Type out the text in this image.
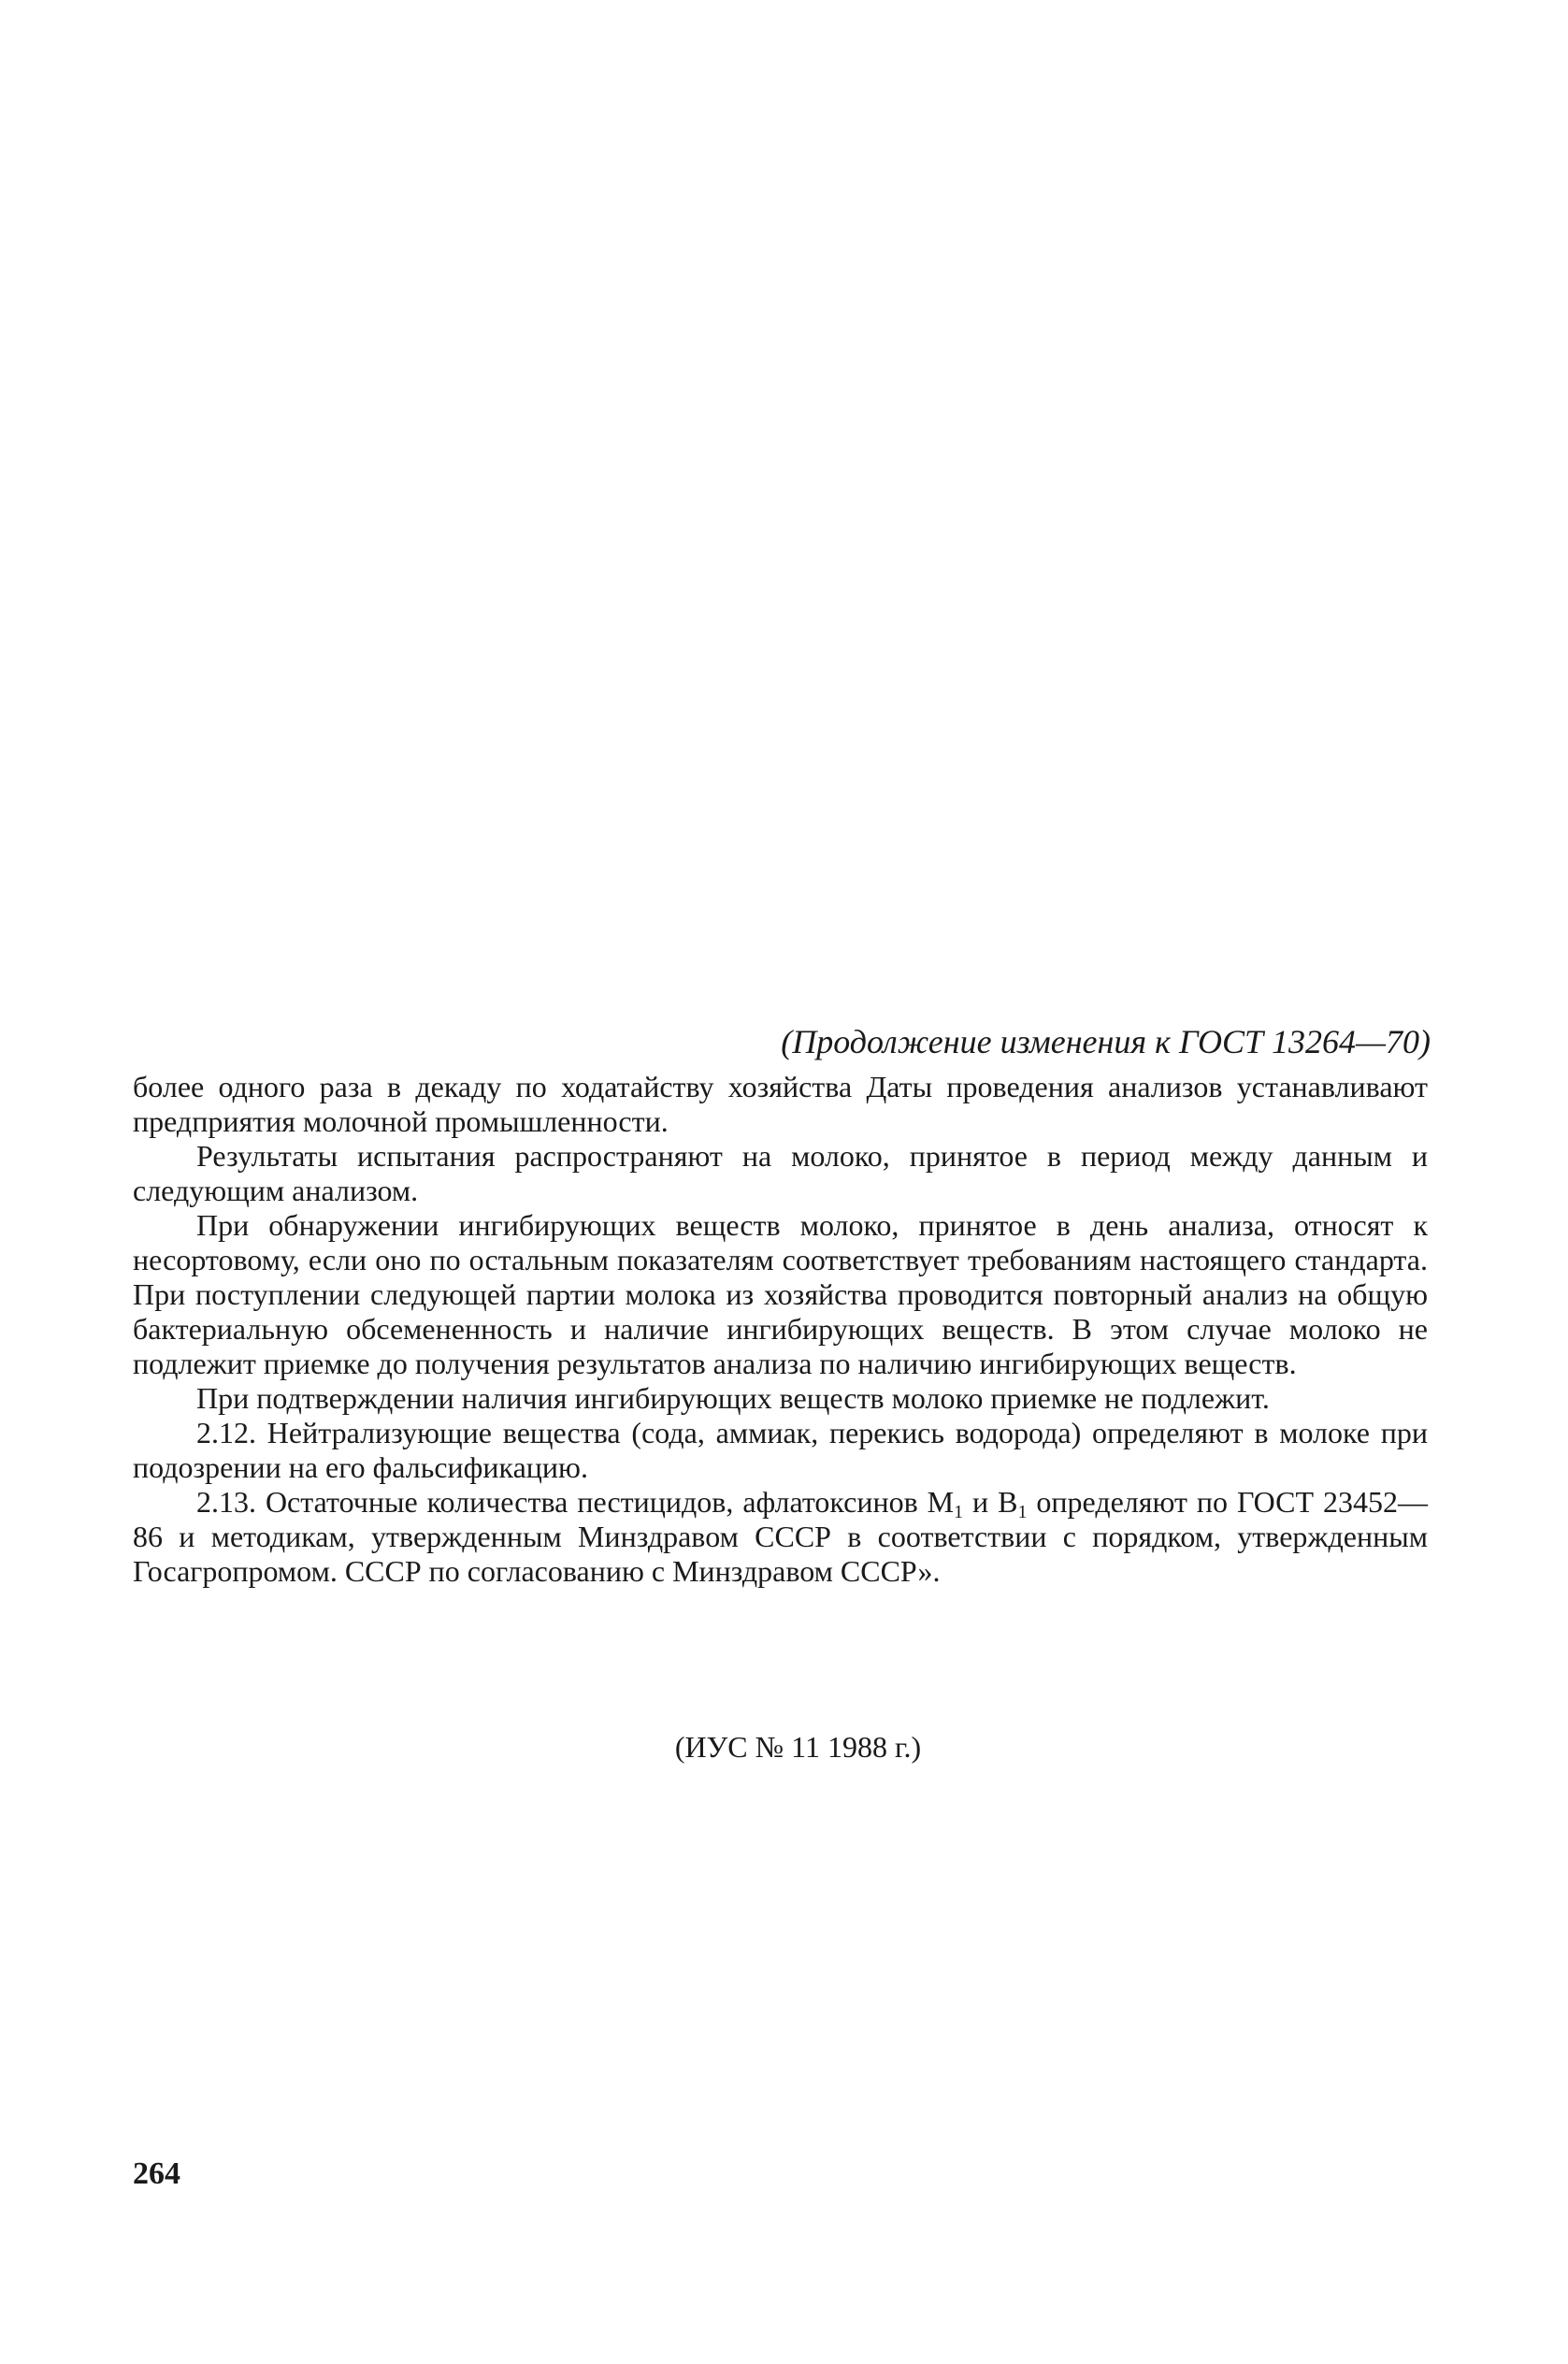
(Продолжение изменения к ГОСТ 13264—70)

более одного раза в декаду по ходатайству хозяйства Даты проведения анализов устанавливают предприятия молочной промышленности.

Результаты испытания распространяют на молоко, принятое в период между данным и следующим анализом.

При обнаружении ингибирующих веществ молоко, принятое в день анализа, относят к несортовому, если оно по остальным показателям соответствует требованиям настоящего стандарта. При поступлении следующей партии молока из хозяйства проводится повторный анализ на общую бактериальную обсемененность и наличие ингибирующих веществ. В этом случае молоко не подлежит приемке до получения результатов анализа по наличию ингибирующих веществ.

При подтверждении наличия ингибирующих веществ молоко приемке не подлежит.

2.12. Нейтрализующие вещества (сода, аммиак, перекись водорода) определяют в молоке при подозрении на его фальсификацию.

2.13. Остаточные количества пестицидов, афлатоксинов $M_1$ и $B_1$ определяют по ГОСТ 23452—86 и методикам, утвержденным Минздравом СССР в соответствии с порядком, утвержденным Госагропромом. СССР по согласованию с Минздравом СССР».

(ИУС № 11 1988 г.)
264
